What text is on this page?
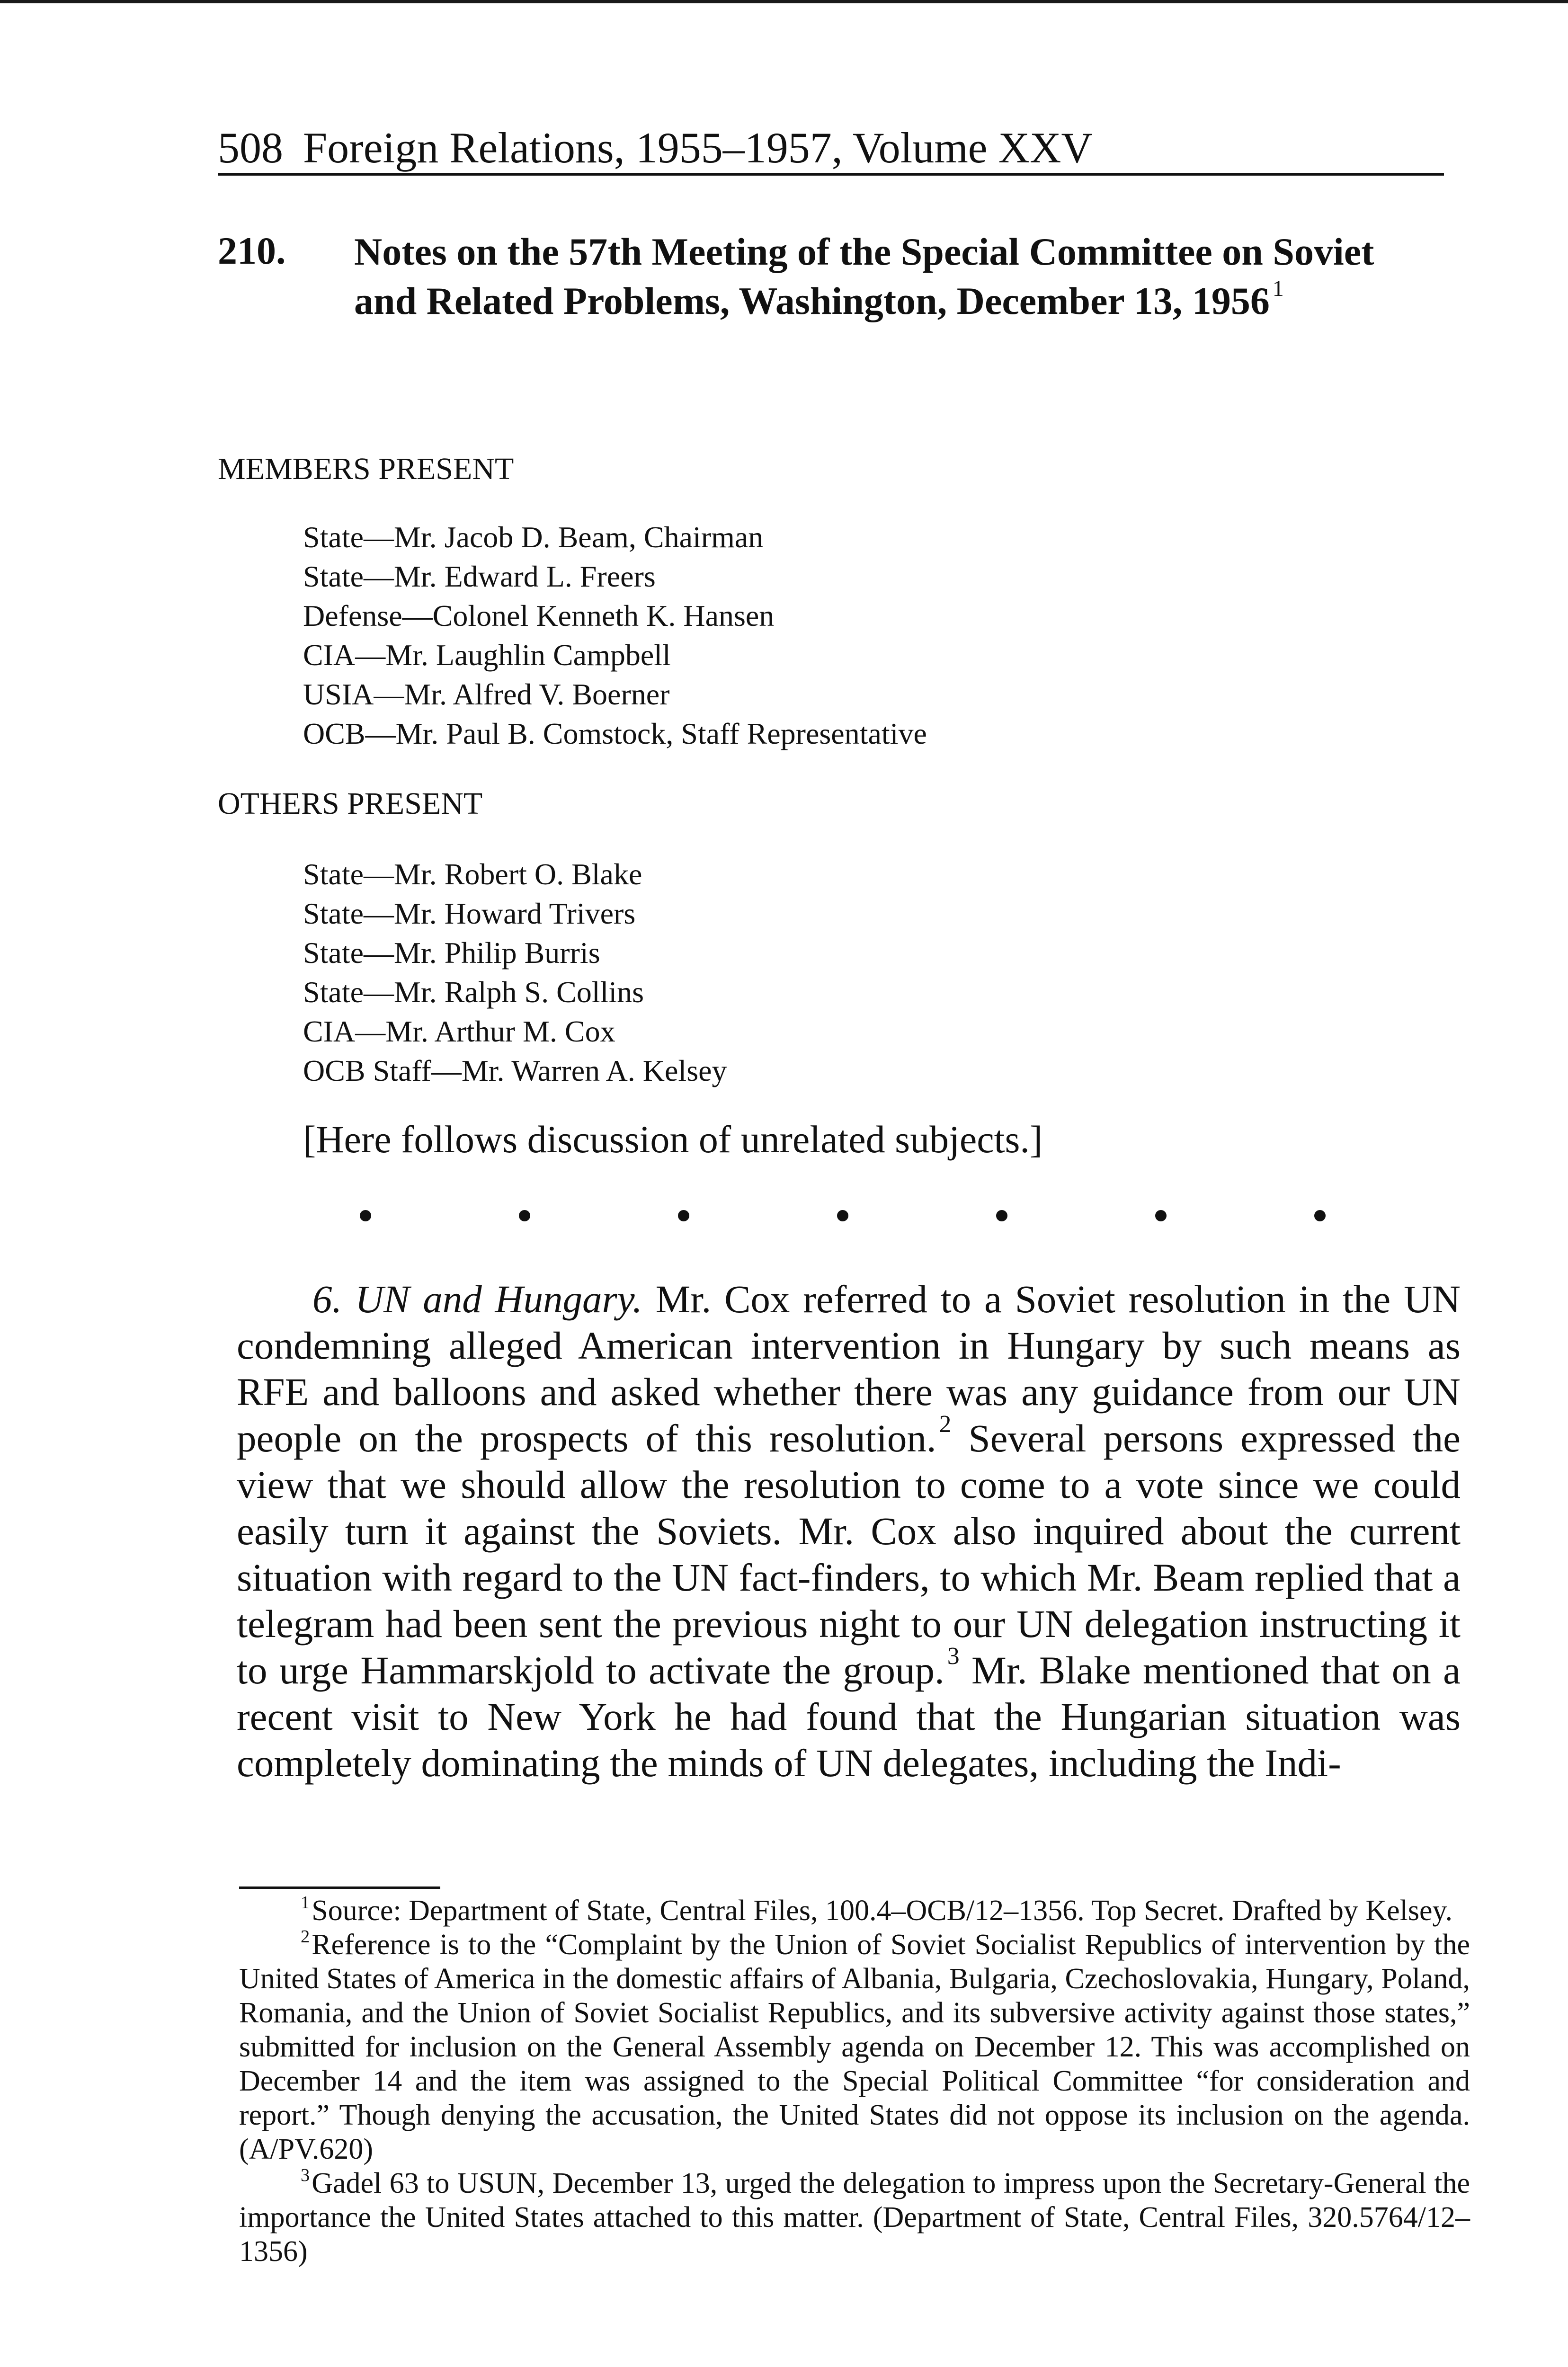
508 Foreign Relations, 1955–1957, Volume XXV
210. Notes on the 57th Meeting of the Special Committee on Soviet and Related Problems, Washington, December 13, 1956 $^1$
MEMBERS PRESENT
State—Mr. Jacob D. Beam, Chairman
State—Mr. Edward L. Freers
Defense—Colonel Kenneth K. Hansen
CIA—Mr. Laughlin Campbell
USIA—Mr. Alfred V. Boerner
OCB—Mr. Paul B. Comstock, Staff Representative
OTHERS PRESENT
State—Mr. Robert O. Blake
State—Mr. Howard Trivers
State—Mr. Philip Burris
State—Mr. Ralph S. Collins
CIA—Mr. Arthur M. Cox
OCB Staff—Mr. Warren A. Kelsey
[Here follows discussion of unrelated subjects.]

6. UN and Hungary. Mr. Cox referred to a Soviet resolution in the UN condemning alleged American intervention in Hungary by such means as RFE and balloons and asked whether there was any guidance from our UN people on the prospects of this resolution. $^2$ Several persons expressed the view that we should allow the resolution to come to a vote since we could easily turn it against the Soviets. Mr. Cox also inquired about the current situation with regard to the UN fact-finders, to which Mr. Beam replied that a telegram had been sent the previous night to our UN delegation instructing it to urge Hammarskjold to activate the group. $^3$ Mr. Blake mentioned that on a recent visit to New York he had found that the Hungarian situation was completely dominating the minds of UN delegates, including the Indi-

$^1$Source: Department of State, Central Files, 100.4–OCB/12–1356. Top Secret. Drafted by Kelsey.

$^2$Reference is to the “Complaint by the Union of Soviet Socialist Republics of intervention by the United States of America in the domestic affairs of Albania, Bulgaria, Czechoslovakia, Hungary, Poland, Romania, and the Union of Soviet Socialist Republics, and its subversive activity against those states,” submitted for inclusion on the General Assembly agenda on December 12. This was accomplished on December 14 and the item was assigned to the Special Political Committee “for consideration and report.” Though denying the accusation, the United States did not oppose its inclusion on the agenda. (A/PV.620)

$^3$Gadel 63 to USUN, December 13, urged the delegation to impress upon the Secretary-General the importance the United States attached to this matter. (Department of State, Central Files, 320.5764/12–1356)
